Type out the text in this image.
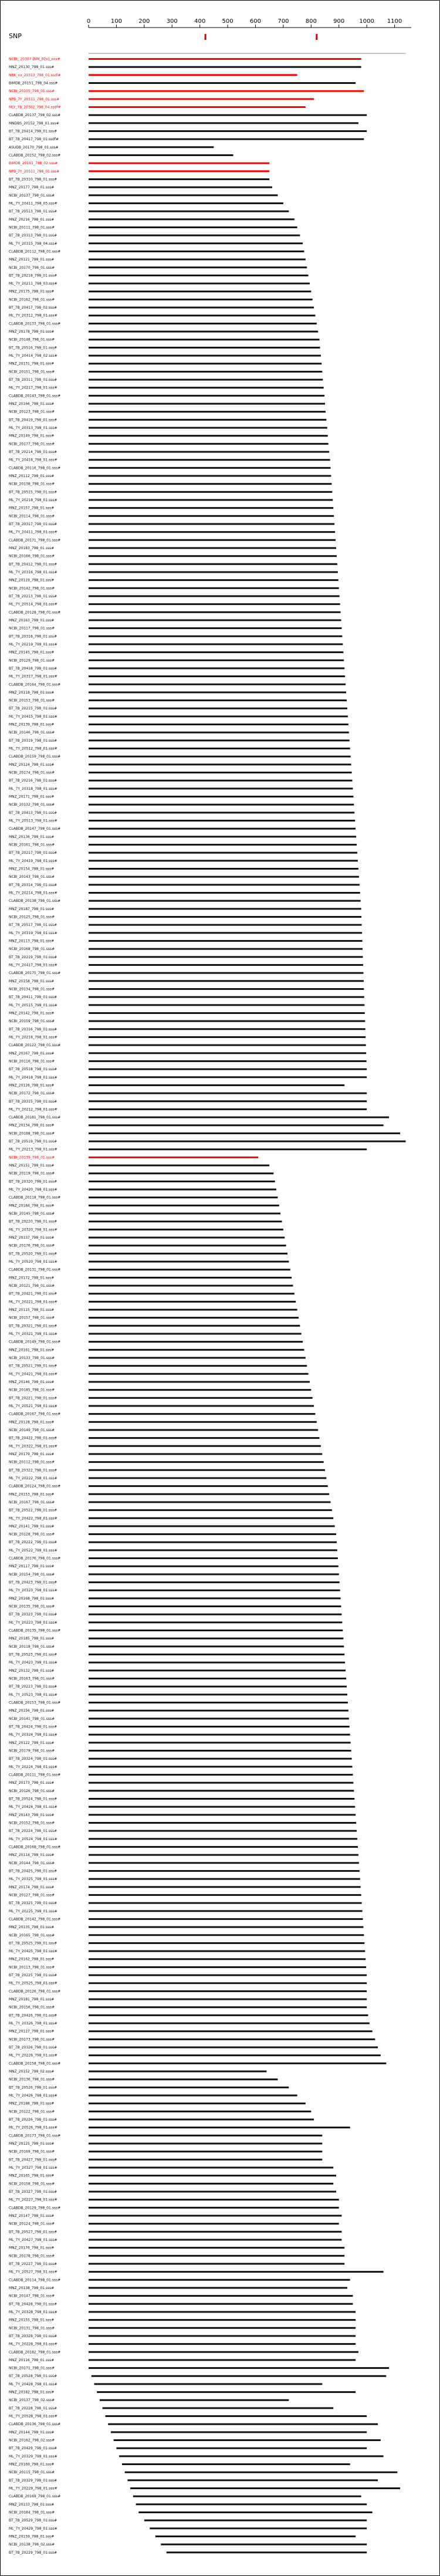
0	100	200	300	400	500	600	700	800	900	1000 1100
SNP
NCBI_ 20307 [NM_02x]_xxx#
MNZ_20130_798_01.sss#
NBK_xx_20313_798_01.ssdl#
BIMDB_20151_798_04.sss#
NCBI_20105_798_01.sss#
NPB_7Y_20511_798_01.sss#
MLY_7B_20302_798_04.ssdf#
CLABDB_20137_798_02.sss#
MNDBS_20152_798_01.sss#
BT_7B_20414_798_01.sss#
BT_7B_20417_798_01.ssdf#
ASUDB_20170_798_01.sss#
CLABDB_20152_798_02.sss#
BIMDB_20161_798_02.sss#
NPB_7Y_20511_798_01.sss#
BT_7B_20310_798_01.sss#
MNZ_20177_798_01.sss#
NCBI_20137_798_01.sss#
ML_7Y_20411_798_05.sss#
BT_7B_20513_798_01.sss#
MNZ_20216_798_01.sss#
NCBI_20111_798_01.sss#
BT_7B_20313_798_01.sss#
ML_7Y_20315_798_04.sss#
CLABDB_20112_798_01.sss#
MNZ_20121_798_01.sss#
NCBI_20170_798_01.sss#
BT_7B_20218_798_01.sss#
ML_7Y_20211_798_03.sss#
MNZ_20175_798_01.sss#
NCBI_20162_798_01.sss#
BT_7B_20417_798_02.sss#
ML_7Y_20312_798_01.sss#
CLABDB_20133_798_01.sss#
MNZ_20178_798_01.sss#
NCBI_20148_798_01.sss#
BT_7B_20516_798_01.sss#
ML_7Y_20414_798_02.sss#
MNZ_20131_798_01.sss#
NCBI_20151_798_01.sss#
BT_7B_20311_798_01.sss#
ML_7Y_20217_798_01.sss#
CLABDB_20143_798_01.sss#
MNZ_20166_798_01.sss#
NCBI_20123_798_01.sss#
BT_7B_20419_798_01.sss#
ML_7Y_20313_798_01.sss#
MNZ_20149_798_01.sss#
NCBI_20177_798_01.sss#
BT_7B_20214_798_01.sss#
ML_7Y_20416_798_01.sss#
CLABDB_20116_798_01.sss#
MNZ_20112_798_01.sss#
NCBI_20138_798_01.sss#
BT_7B_20515_798_01.sss#
ML_7Y_20218_798_01.sss#
MNZ_20157_798_01.sss#
NCBI_20114_798_01.sss#
BT_7B_20317_798_01.sss#
ML_7Y_20411_798_01.sss#
CLABDB_20171_798_01.sss#
MNZ_20183_798_01.sss#
NCBI_20166_798_01.sss#
BT_7B_20412_798_01.sss#
ML_7Y_20316_798_01.sss#
MNZ_20119_798_01.sss#
NCBI_20142_798_01.sss#
BT_7B_20213_798_01.sss#
ML_7Y_20514_798_01.sss#
CLABDB_20128_798_01.sss#
MNZ_20163_798_01.sss#
NCBI_20117_798_01.sss#
BT_7B_20318_798_01.sss#
ML_7Y_20219_798_01.sss#
MNZ_20145_798_01.sss#
NCBI_20129_798_01.sss#
BT_7B_20418_798_01.sss#
ML_7Y_20317_798_01.sss#
CLABDB_20164_798_01.sss#
MNZ_20118_798_01.sss#
NCBI_20153_798_01.sss#
BT_7B_20215_798_01.sss#
ML_7Y_20415_798_01.sss#
MNZ_20139_798_01.sss#
NCBI_20146_798_01.sss#
BT_7B_20319_798_01.sss#
ML_7Y_20512_798_01.sss#
CLABDB_20159_798_01.sss#
MNZ_20124_798_01.sss#
NCBI_20174_798_01.sss#
BT_7B_20216_798_01.sss#
ML_7Y_20318_798_01.sss#
MNZ_20171_798_01.sss#
NCBI_20132_798_01.sss#
BT_7B_20413_798_01.sss#
ML_7Y_20513_798_01.sss#
CLABDB_20147_798_01.sss#
MNZ_20136_798_01.sss#
NCBI_20161_798_01.sss#
BT_7B_20217_798_01.sss#
ML_7Y_20419_798_01.sss#
MNZ_20154_798_01.sss#
NCBI_20143_798_01.sss#
BT_7B_20314_798_01.sss#
ML_7Y_20214_798_01.sss#
CLABDB_20138_798_01.sss#
MNZ_20187_798_01.sss#
NCBI_20125_798_01.sss#
BT_7B_20517_798_01.sss#
ML_7Y_20319_798_01.sss#
MNZ_20113_798_01.sss#
NCBI_20168_798_01.sss#
BT_7B_20219_798_01.sss#
ML_7Y_20417_798_01.sss#
CLABDB_20175_798_01.sss#
MNZ_20158_798_01.sss#
NCBI_20134_798_01.sss#
BT_7B_20411_798_01.sss#
ML_7Y_20515_798_01.sss#
MNZ_20142_798_01.sss#
NCBI_20159_798_01.sss#
BT_7B_20316_798_01.sss#
ML_7Y_20216_798_01.sss#
CLABDB_20122_798_01.sss#
MNZ_20167_798_01.sss#
NCBI_20116_798_01.sss#
BT_7B_20518_798_01.sss#
ML_7Y_20418_798_01.sss#
MNZ_20126_798_01.sss#
NCBI_20172_798_01.sss#
BT_7B_20315_798_01.sss#
ML_7Y_20212_798_01.sss#
CLABDB_20181_798_01.sss#
MNZ_20134_798_01.sss#
NCBI_20188_798_01.sss#
BT_7B_20519_798_01.sss#
ML_7Y_20213_798_01.sss#
NCBI_20139_798_01.sss#
MNZ_20151_798_01.sss#
NCBI_20119_798_01.sss#
BT_7B_20320_798_01.sss#
ML_7Y_20420_798_01.sss#
CLABDB_20118_798_01.sss#
MNZ_20184_798_01.sss#
NCBI_20145_798_01.sss#
BT_7B_20220_798_01.sss#
ML_7Y_20320_798_01.sss#
MNZ_20137_798_01.sss#
NCBI_20176_798_01.sss#
BT_7B_20520_798_01.sss#
ML_7Y_20520_798_01.sss#
CLABDB_20131_798_01.sss#
MNZ_20172_798_01.sss#
NCBI_20121_798_01.sss#
BT_7B_20421_798_01.sss#
ML_7Y_20221_798_01.sss#
MNZ_20115_798_01.sss#
NCBI_20157_798_01.sss#
BT_7B_20321_798_01.sss#
ML_7Y_20321_798_01.sss#
CLABDB_20149_798_01.sss#
MNZ_20161_798_01.sss#
NCBI_20133_798_01.sss#
BT_7B_20521_798_01.sss#
ML_7Y_20421_798_01.sss#
MNZ_20146_798_01.sss#
NCBI_20185_798_01.sss#
BT_7B_20221_798_01.sss#
ML_7Y_20521_798_01.sss#
CLABDB_20167_798_01.sss#
MNZ_20128_798_01.sss#
NCBI_20149_798_01.sss#
BT_7B_20422_798_01.sss#
ML_7Y_20322_798_01.sss#
MNZ_20179_798_01.sss#
NCBI_20112_798_01.sss#
BT_7B_20322_798_01.sss#
ML_7Y_20222_798_01.sss#
CLABDB_20124_798_01.sss#
MNZ_20153_798_01.sss#
NCBI_20167_798_01.sss#
BT_7B_20522_798_01.sss#
ML_7Y_20422_798_01.sss#
MNZ_20141_798_01.sss#
NCBI_20128_798_01.sss#
BT_7B_20222_798_01.sss#
ML_7Y_20522_798_01.sss#
CLABDB_20176_798_01.sss#
MNZ_20117_798_01.sss#
NCBI_20154_798_01.sss#
BT_7B_20423_798_01.sss#
ML_7Y_20323_798_01.sss#
MNZ_20168_798_01.sss#
NCBI_20135_798_01.sss#
BT_7B_20323_798_01.sss#
ML_7Y_20223_798_01.sss#
CLABDB_20135_798_01.sss#
MNZ_20185_798_01.sss#
NCBI_20118_798_01.sss#
BT_7B_20523_798_01.sss#
ML_7Y_20423_798_01.sss#
MNZ_20132_798_01.sss#
NCBI_20163_798_01.sss#
BT_7B_20223_798_01.sss#
ML_7Y_20523_798_01.sss#
CLABDB_20153_798_01.sss#
MNZ_20156_798_01.sss#
NCBI_20141_798_01.sss#
BT_7B_20424_798_01.sss#
ML_7Y_20324_798_01.sss#
MNZ_20122_798_01.sss#
NCBI_20179_798_01.sss#
BT_7B_20324_798_01.sss#
ML_7Y_20224_798_01.sss#
CLABDB_20111_798_01.sss#
MNZ_20173_798_01.sss#
NCBI_20126_798_01.sss#
BT_7B_20524_798_01.sss#
ML_7Y_20424_798_01.sss#
MNZ_20143_798_01.sss#
NCBI_20152_798_01.sss#
BT_7B_20224_798_01.sss#
ML_7Y_20524_798_01.sss#
CLABDB_20168_798_01.sss#
MNZ_20114_798_01.sss#
NCBI_20144_798_01.sss#
BT_7B_20425_798_01.sss#
ML_7Y_20325_798_01.sss#
MNZ_20174_798_01.sss#
NCBI_20127_798_01.sss#
BT_7B_20325_798_01.sss#
ML_7Y_20225_798_01.sss#
CLABDB_20142_798_01.sss#
MNZ_20135_798_01.sss#
NCBI_20165_798_01.sss#
BT_7B_20525_798_01.sss#
ML_7Y_20425_798_01.sss#
MNZ_20162_798_01.sss#
NCBI_20113_798_01.sss#
BT_7B_20225_798_01.sss#
ML_7Y_20525_798_01.sss#
CLABDB_20126_798_01.sss#
MNZ_20181_798_01.sss#
NCBI_20156_798_01.sss#
BT_7B_20426_798_01.sss#
ML_7Y_20326_798_01.sss#
MNZ_20127_798_01.sss#
NCBI_20173_798_01.sss#
BT_7B_20326_798_01.sss#
ML_7Y_20226_798_01.sss#
CLABDB_20158_798_01.sss#
MNZ_20152_798_02.sss#
NCBI_20136_798_01.sss#
BT_7B_20526_798_01.sss#
ML_7Y_20426_798_01.sss#
MNZ_20188_798_01.sss#
NCBI_20122_798_01.sss#
BT_7B_20226_798_01.sss#
ML_7Y_20526_798_01.sss#
CLABDB_20173_798_01.sss#
MNZ_20125_798_01.sss#
NCBI_20169_798_01.sss#
BT_7B_20427_798_01.sss#
ML_7Y_20327_798_01.sss#
MNZ_20165_798_01.sss#
NCBI_20158_798_01.sss#
BT_7B_20327_798_01.sss#
ML_7Y_20227_798_01.sss#
CLABDB_20129_798_01.sss#
MNZ_20147_798_01.sss#
NCBI_20124_798_01.sss#
BT_7B_20527_798_01.sss#
ML_7Y_20427_798_01.sss#
MNZ_20176_798_01.sss#
NCBI_20178_798_01.sss#
BT_7B_20227_798_01.sss#
ML_7Y_20527_798_01.sss#
CLABDB_20114_798_01.sss#
MNZ_20138_798_01.sss#
NCBI_20147_798_01.sss#
BT_7B_20428_798_01.sss#
ML_7Y_20328_798_01.sss#
MNZ_20155_798_01.sss#
NCBI_20131_798_01.sss#
BT_7B_20328_798_01.sss#
ML_7Y_20228_798_01.sss#
CLABDB_20182_798_01.sss#
MNZ_20116_798_01.sss#
NCBI_20171_798_01.sss#
BT_7B_20528_798_01.sss#
ML_7Y_20428_798_01.sss#
MNZ_20182_798_01.sss#
NCBI_20137_798_02.sss#
BT_7B_20228_798_01.sss#
ML_7Y_20528_798_01.sss#
CLABDB_20136_798_01.sss#
MNZ_20144_798_01.sss#
NCBI_20162_798_02.sss#
BT_7B_20429_798_01.sss#
ML_7Y_20329_798_01.sss#
MNZ_20169_798_01.sss#
NCBI_20115_798_01.sss#
BT_7B_20329_798_01.sss#
ML_7Y_20229_798_01.sss#
CLABDB_20169_798_01.sss#
MNZ_20133_798_01.sss#
NCBI_20184_798_01.sss#
BT_7B_20529_798_01.sss#
ML_7Y_20429_798_01.sss#
MNZ_20159_798_01.sss#
NCBI_20138_798_02.sss#
BT_7B_20229_798_01.sss#
